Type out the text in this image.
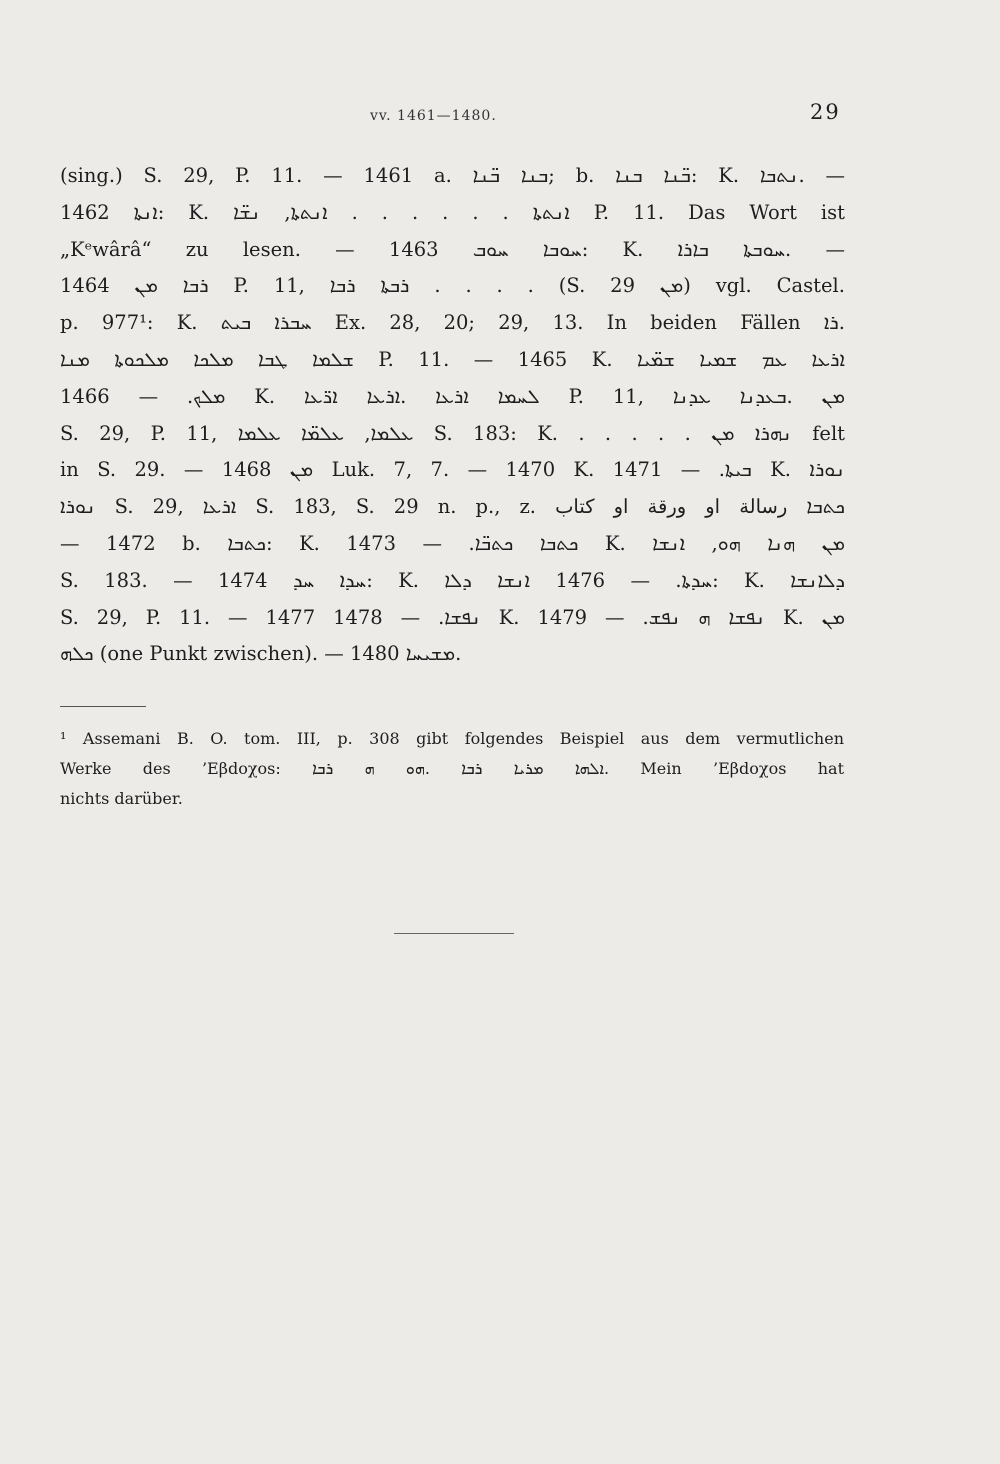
vv. 1461—1480.	29
(sing.) S. 29, P. 11. — 1461 a. ܒܢܐ ܒ̈ܢܐ; b. ܒ̈ܢܐ ܒܢܐ: K. ܢܬܒܐ. —
1462 ܐܢܬܐ: K. ܐܢܬܬܐ . . . . . . ܐܢܬܬܐ, ܢܫ̈ܐ P. 11. Das Wort ist
„Kᵉwârâ“ zu lesen. — 1463 ܚܘܒܐ ܚܘܒ: K. ܚܘܒܬܐ ܒܐܪܐ. —
1464 ܪܒܐ ܡܢ P. 11, ܪܒܬܐ ܪܒܐ . . . . (S. 29 ܡܢ) vgl. Castel.
p. 977¹: K. ܚܒܪܐ ܒܝܬ Ex. 28, 20; 29, 13. In beiden Fällen ܪܐ.
ܫܠܡܐ ܛܒܐ ܡܠܟܐ ܡܠܟܘܬܐ ܡܢܐ P. 11. — 1465 K. ܐܪܥܐ ܥܡ ܫܡܝܐ ܫܡ̈ܝܐ
ܡܠܟ. — 1466 K. ܠܚܡܐ ܐܪܥܐ .ܐܪܥܐ ܐܪ̈ܥܐ P. 11, ܡܢ .ܒܥܕܢܐ ܥܕܢܐ
S. 29, P. 11, ܥܠܡܐ, ܥܠܡ̈ܐ ܥܠܡܐ S. 183: K. . . . . . ܢܗܪܐ ܡܢ felt
in S. 29. — 1468 ܡܢ Luk. 7, 7. — 1470 K. ܒܝܬܐ. — 1471 K. ܢܘܪܐ
ܢܘܪܐ S. 29, ܐܪܥܐ S. 183, S. 29 n. p., z. ܟܬܒܐ رسالة او ورقة او كتاب
— 1472 b. ܟܬܒܐ: K. ܟܬܒܐ ܟܬܒ̈ܐ. — 1473 K. ܡܢ ܗܢܐ ܗܘ, ܐܢܫܐ
S. 183. — 1474 ܚܕܐ ܚܕ: K. ܚܕܬܐ. — 1476 ܐܢܫܐ ܕܠܐ: K. ܕܠܐܢܫܐ
S. 29, P. 11. — 1477 ܢܦܫܐ. — 1478 K. ܢܦܫܐ ܗ ܢܦܫ. — 1479 K. ܡܢ
ܟܠܗ (one Punkt zwischen). — 1480 ܡܫܝܚܐ.
¹ Assemani B. O. tom. III, p. 308 gibt folgendes Beispiel aus dem vermutlichen
Werke des ’Eβdoχos: ܐܠܗܐ ܡܪܝܐ ܪܒܐ .ܗܘ ܗ ܪܒܐ. Mein ’Eβdoχos hat
nichts darüber.
